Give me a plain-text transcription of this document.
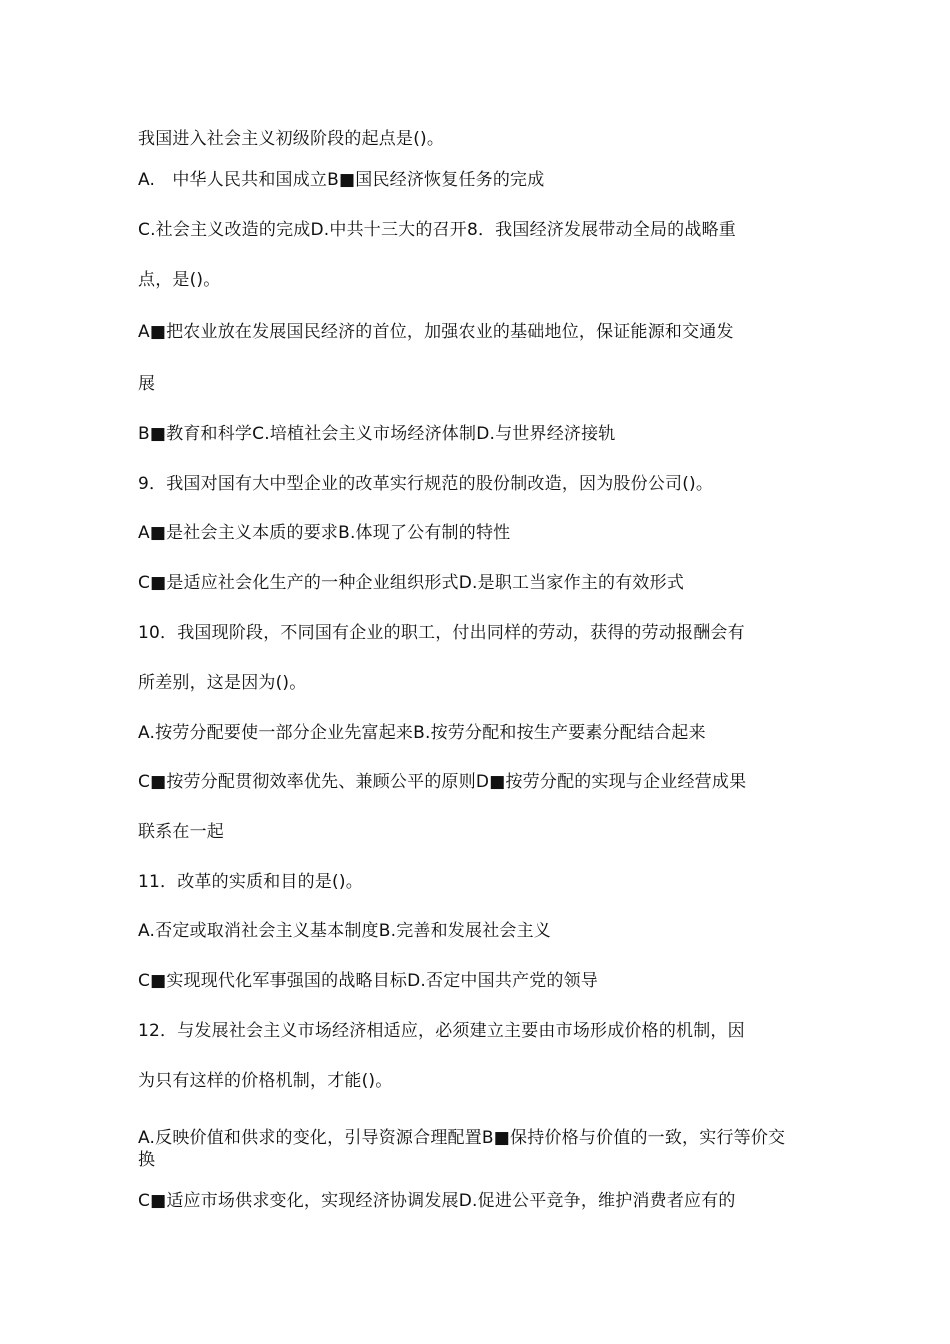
我国进入社会主义初级阶段的起点是()。
A.　中华人民共和国成立B■国民经济恢复任务的完成
C.社会主义改造的完成D.中共十三大的召开8．我国经济发展带动全局的战略重
点，是()。
A■把农业放在发展国民经济的首位，加强农业的基础地位，保证能源和交通发
展
B■教育和科学C.培植社会主义市场经济体制D.与世界经济接轨
9．我国对国有大中型企业的改革实行规范的股份制改造，因为股份公司()。
A■是社会主义本质的要求B.体现了公有制的特性
C■是适应社会化生产的一种企业组织形式D.是职工当家作主的有效形式
10．我国现阶段，不同国有企业的职工，付出同样的劳动，获得的劳动报酬会有
所差别，这是因为()。
A.按劳分配要使一部分企业先富起来B.按劳分配和按生产要素分配结合起来
C■按劳分配贯彻效率优先、兼顾公平的原则D■按劳分配的实现与企业经营成果
联系在一起
11．改革的实质和目的是()。
A.否定或取消社会主义基本制度B.完善和发展社会主义
C■实现现代化军事强国的战略目标D.否定中国共产党的领导
12．与发展社会主义市场经济相适应，必须建立主要由市场形成价格的机制，因
为只有这样的价格机制，才能()。
A.反映价值和供求的变化，引导资源合理配置B■保持价格与价值的一致，实行等价交换
C■适应市场供求变化，实现经济协调发展D.促进公平竞争，维护消费者应有的
